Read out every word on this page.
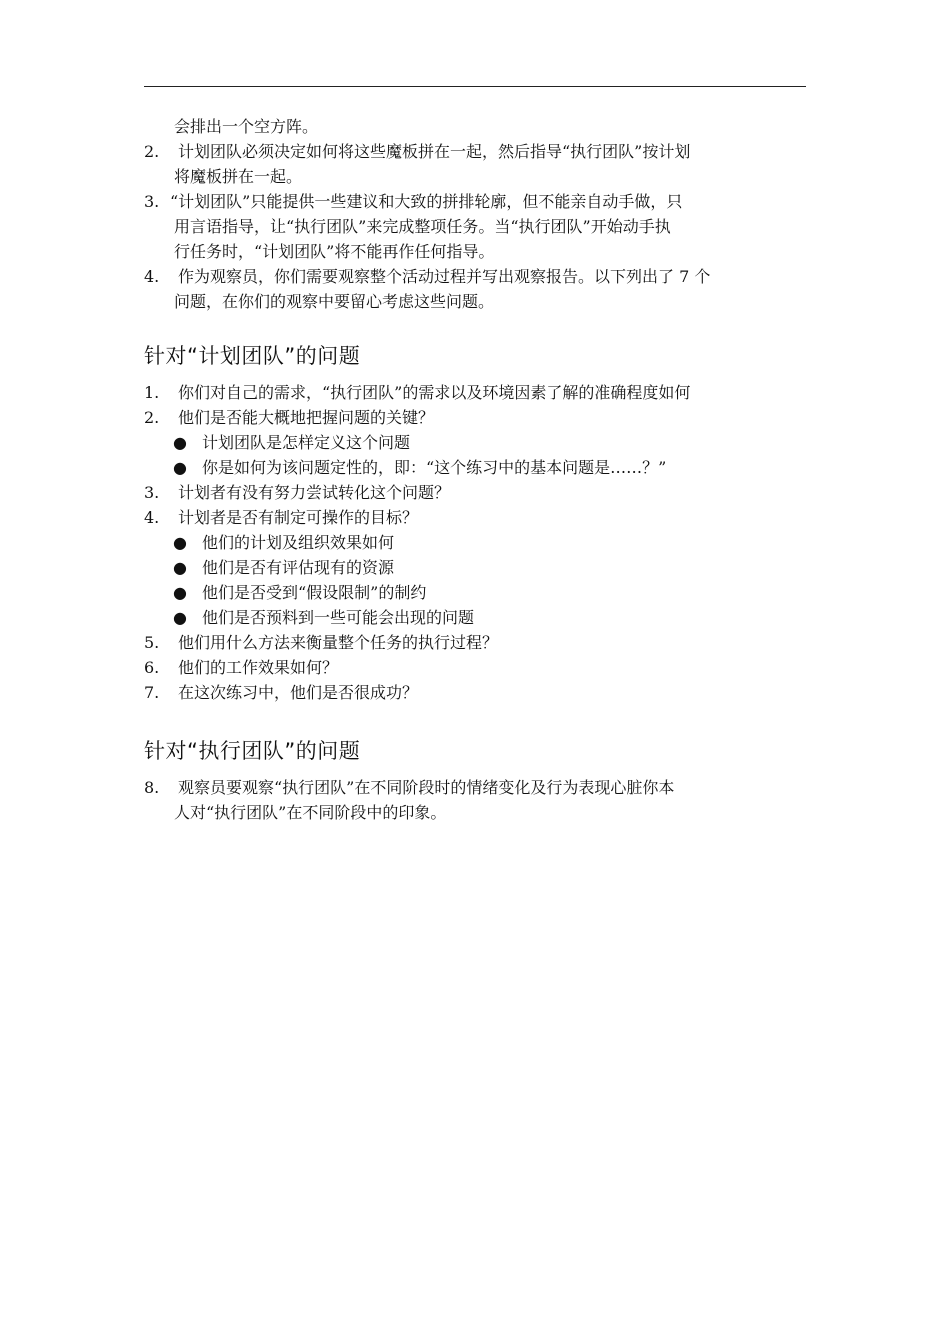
会排出一个空方阵。
2. 计划团队必须决定如何将这些魔板拼在一起，然后指导“执行团队”按计划
将魔板拼在一起。
3. “计划团队”只能提供一些建议和大致的拼排轮廓，但不能亲自动手做，只
用言语指导，让“执行团队”来完成整项任务。当“执行团队”开始动手执
行任务时，“计划团队”将不能再作任何指导。
4. 作为观察员，你们需要观察整个活动过程并写出观察报告。以下列出了 7 个
问题，在你们的观察中要留心考虑这些问题。
针对“计划团队”的问题
1. 你们对自己的需求，“执行团队”的需求以及环境因素了解的准确程度如何
2. 他们是否能大概地把握问题的关键？
● 计划团队是怎样定义这个问题
● 你是如何为该问题定性的，即：“这个练习中的基本问题是……？”
3. 计划者有没有努力尝试转化这个问题？
4. 计划者是否有制定可操作的目标？
● 他们的计划及组织效果如何
● 他们是否有评估现有的资源
● 他们是否受到“假设限制”的制约
● 他们是否预料到一些可能会出现的问题
5. 他们用什么方法来衡量整个任务的执行过程？
6. 他们的工作效果如何？
7. 在这次练习中，他们是否很成功？
针对“执行团队”的问题
8. 观察员要观察“执行团队”在不同阶段时的情绪变化及行为表现心脏你本
人对“执行团队”在不同阶段中的印象。
